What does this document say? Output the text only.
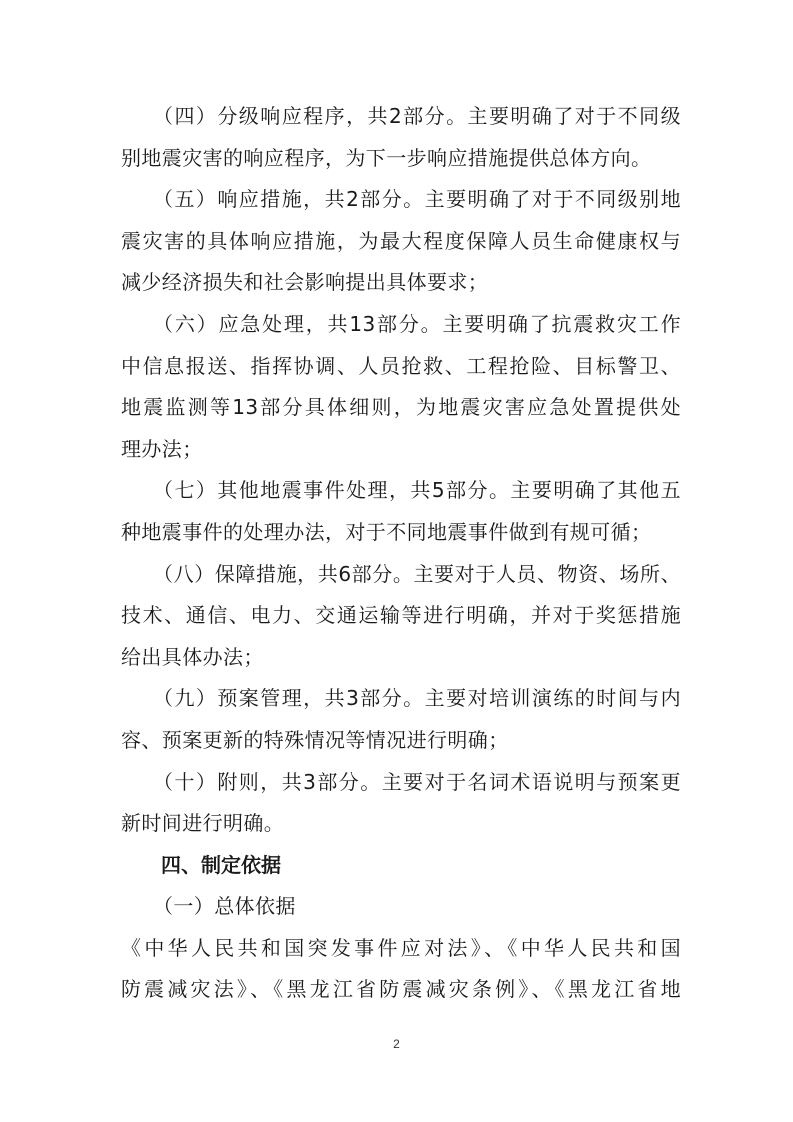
（四）分级响应程序，共2部分。主要明确了对于不同级
别地震灾害的响应程序，为下一步响应措施提供总体方向。
（五）响应措施，共2部分。主要明确了对于不同级别地
震灾害的具体响应措施，为最大程度保障人员生命健康权与
减少经济损失和社会影响提出具体要求；
（六）应急处理，共13部分。主要明确了抗震救灾工作
中信息报送、指挥协调、人员抢救、工程抢险、目标警卫、
地震监测等13部分具体细则，为地震灾害应急处置提供处
理办法；
（七）其他地震事件处理，共5部分。主要明确了其他五
种地震事件的处理办法，对于不同地震事件做到有规可循；
（八）保障措施，共6部分。主要对于人员、物资、场所、
技术、通信、电力、交通运输等进行明确，并对于奖惩措施
给出具体办法；
（九）预案管理，共3部分。主要对培训演练的时间与内
容、预案更新的特殊情况等情况进行明确；
（十）附则，共3部分。主要对于名词术语说明与预案更
新时间进行明确。
四、制定依据
（一）总体依据
《中华人民共和国突发事件应对法》、《中华人民共和国
防震减灾法》、《黑龙江省防震减灾条例》、《黑龙江省地
2
